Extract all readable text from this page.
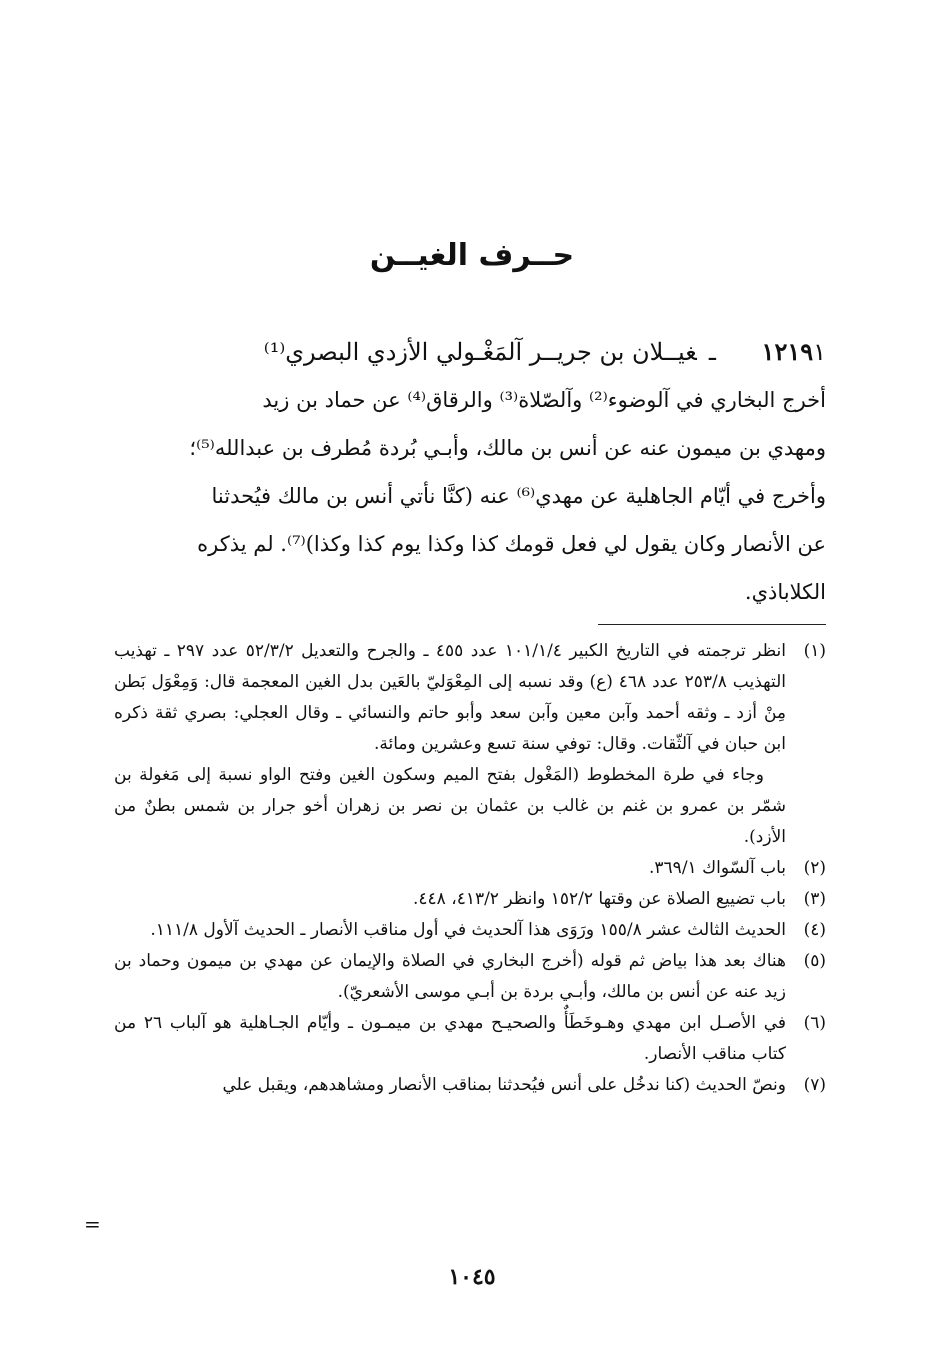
حــرف الغيــن
١٢١٩١ ـغيــلان بن جريــر آلمَغْـولي الأزدي البصري⁽¹⁾

أخرج البخاري في آلوضوء⁽²⁾ وآلصّلاة⁽³⁾ والرقاق⁽⁴⁾ عن حماد بن زيد

ومهدي بن ميمون عنه عن أنس بن مالك، وأبـي بُردة مُطرف بن عبدالله⁽⁵⁾؛

وأخرج في أيّام الجاهلية عن مهدي⁽⁶⁾ عنه (كنَّا نأتي أنس بن مالك فيُحدثنا

عن الأنصار وكان يقول لي فعل قومك كذا وكذا يوم كذا وكذا)⁽⁷⁾. لم يذكره

الكلاباذي.

(١)

انظر ترجمته في التاريخ الكبير ١٠١/١/٤ عدد ٤٥٥ ـ والجرح والتعديل ٥٢/٣/٢ عدد ٢٩٧ ـ تهذيب التهذيب ٢٥٣/٨ عدد ٤٦٨ (ع) وقد نسبه إلى المِعْوَليّ بالعَين بدل الغين المعجمة قال: وَمِعْوَل بَطن مِنْ أزد ـ وثقه أحمد وآبن معين وآبن سعد وأبو حاتم والنسائي ـ وقال العجلي: بصري ثقة ذكره ابن حبان في آلثّقات. وقال: توفي سنة تسع وعشرين ومائة.

وجاء في طرة المخطوط (المَغْول بفتح الميم وسكون الغين وفتح الواو نسبة إلى مَغولة بن شمّر بن عمرو بن غنم بن غالب بن عثمان بن نصر بن زهران أخو جرار بن شمس بطنٌ من الأزد).

(٢)

باب آلسّواك ٣٦٩/١.

(٣)

باب تضييع الصلاة عن وقتها ١٥٢/٢ وانظر ٤١٣/٢، ٤٤٨.

(٤)

الحديث الثالث عشر ١٥٥/٨ ورَوَى هذا آلحديث في أول مناقب الأنصار ـ الحديث آلأول ١١١/٨.

(٥)

هناك بعد هذا بياض ثم قوله (أخرج البخاري في الصلاة والإيمان عن مهدي بن ميمون وحماد بن زيد عنه عن أنس بن مالك، وأبـي بردة بن أبـي موسى الأشعريّ).

(٦)

في الأصـل ابن مهدي وهـوخَطَأٌ والصحيـح مهدي بن ميمـون ـ وأيّام الجـاهلية هو آلباب ٢٦ من كتاب مناقب الأنصار.

(٧)

ونصّ الحديث (كنا ندخُل على أنس فيُحدثنا بمناقب الأنصار ومشاهدهم، ويقبل علي

=
١٠٤٥
